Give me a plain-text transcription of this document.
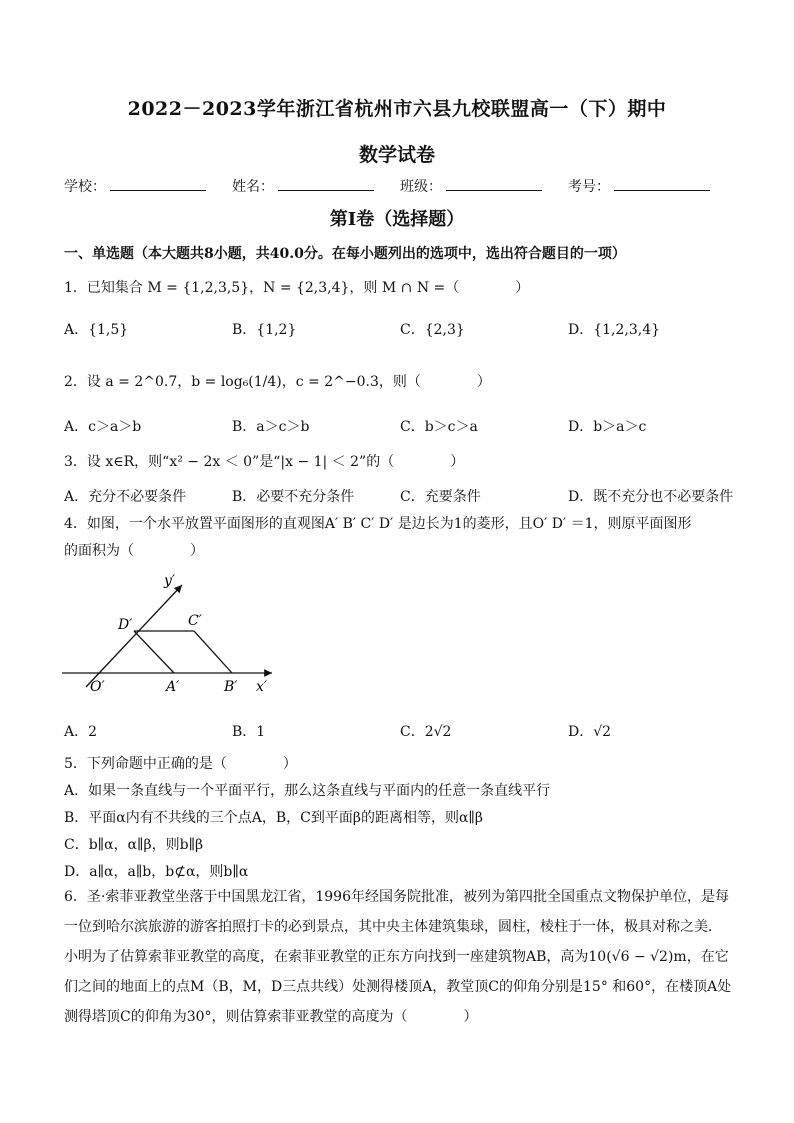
2022－2023学年浙江省杭州市六县九校联盟高一（下）期中
数学试卷
学校：	姓名：	班级：	考号：
第Ⅰ卷（选择题）
一、单选题（本大题共8小题，共40.0分。在每小题列出的选项中，选出符合题目的一项）
1．已知集合 M = {1,2,3,5}，N = {2,3,4}，则 M ∩ N =（　　　　）
A．{1,5}	B．{1,2}	C．{2,3}	D．{1,2,3,4}
2．设 a = 2^0.7，b = log₆(1/4)，c = 2^−0.3，则（　　　　）
A．c＞a＞b	B．a＞c＞b	C．b＞c＞a	D．b＞a＞c
3．设 x∈R，则“x² − 2x ＜ 0”是“|x − 1| ＜ 2”的（　　　　）
A．充分不必要条件	B．必要不充分条件	C．充要条件	D．既不充分也不必要条件
4．如图，一个水平放置平面图形的直观图A′ B′ C′ D′ 是边长为1的菱形，且O′ D′ ＝1，则原平面图形
的面积为（　　　　）
y′
x′
O′	A′	B′
C′
D′
A．2	B．1	C．2√2	D．√2
5．下列命题中正确的是（　　　　）
A．如果一条直线与一个平面平行，那么这条直线与平面内的任意一条直线平行
B．平面α内有不共线的三个点A，B，C到平面β的距离相等，则α∥β
C．b∥α，α∥β，则b∥β
D．a∥α，a∥b，b⊄α，则b∥α
6．圣·索菲亚教堂坐落于中国黑龙江省，1996年经国务院批准，被列为第四批全国重点文物保护单位，是每一位到哈尔滨旅游的游客拍照打卡的必到景点，其中央主体建筑集球，圆柱，棱柱于一体，极具对称之美．小明为了估算索菲亚教堂的高度，在索菲亚教堂的正东方向找到一座建筑物AB，高为10(√6 − √2)m，在它们之间的地面上的点M（B，M，D三点共线）处测得楼顶A，教堂顶C的仰角分别是15° 和60°，在楼顶A处测得塔顶C的仰角为30°，则估算索菲亚教堂的高度为（　　　　）
